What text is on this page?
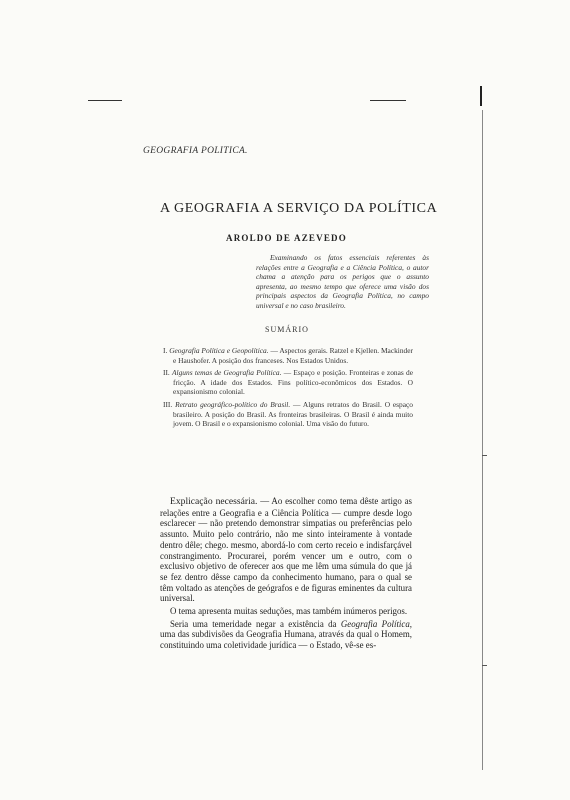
GEOGRAFIA POLITICA.
A GEOGRAFIA A SERVIÇO DA POLÍTICA
AROLDO DE AZEVEDO
Examinando os fatos essenciais referentes às relações entre a Geografia e a Ciência Política, o autor chama a atenção para os perigos que o assunto apresenta, ao mesmo tempo que oferece uma visão dos principais aspectos da Geografia Política, no campo universal e no caso brasileiro.
SUMÁRIO
I. Geografia Política e Geopolítica. — Aspectos gerais. Ratzel e Kjellen. Mackinder e Haushofer. A posição dos franceses. Nos Estados Unidos.
II. Alguns temas de Geografia Política. — Espaço e posição. Fronteiras e zonas de fricção. A idade dos Estados. Fins político-econômicos dos Estados. O expansionismo colonial.
III. Retrato geográfico-político do Brasil. — Alguns retratos do Brasil. O espaço brasileiro. A posição do Brasil. As fronteiras brasileiras. O Brasil é ainda muito jovem. O Brasil e o expansionismo colonial. Uma visão do futuro.

Explicação necessária. — Ao escolher como tema dêste artigo as relações entre a Geografia e a Ciência Política — cumpre desde logo esclarecer — não pretendo demonstrar simpatias ou preferências pelo assunto. Muito pelo contrário, não me sinto inteiramente à vontade dentro dêle; chego. mesmo, abordá-lo com certo receio e indisfarçável constrangimento. Procurarei, porém vencer um e outro, com o exclusivo objetivo de oferecer aos que me lêm uma súmula do que já se fez dentro dêsse campo da conhecimento humano, para o qual se têm voltado as atenções de geógrafos e de figuras eminentes da cultura universal.

O tema apresenta muitas seduções, mas também inúmeros perigos.

Seria uma temeridade negar a existência da Geografia Política, uma das subdivisões da Geografia Humana, através da qual o Homem, constituindo uma coletividade jurídica — o Estado, vê-se es-
